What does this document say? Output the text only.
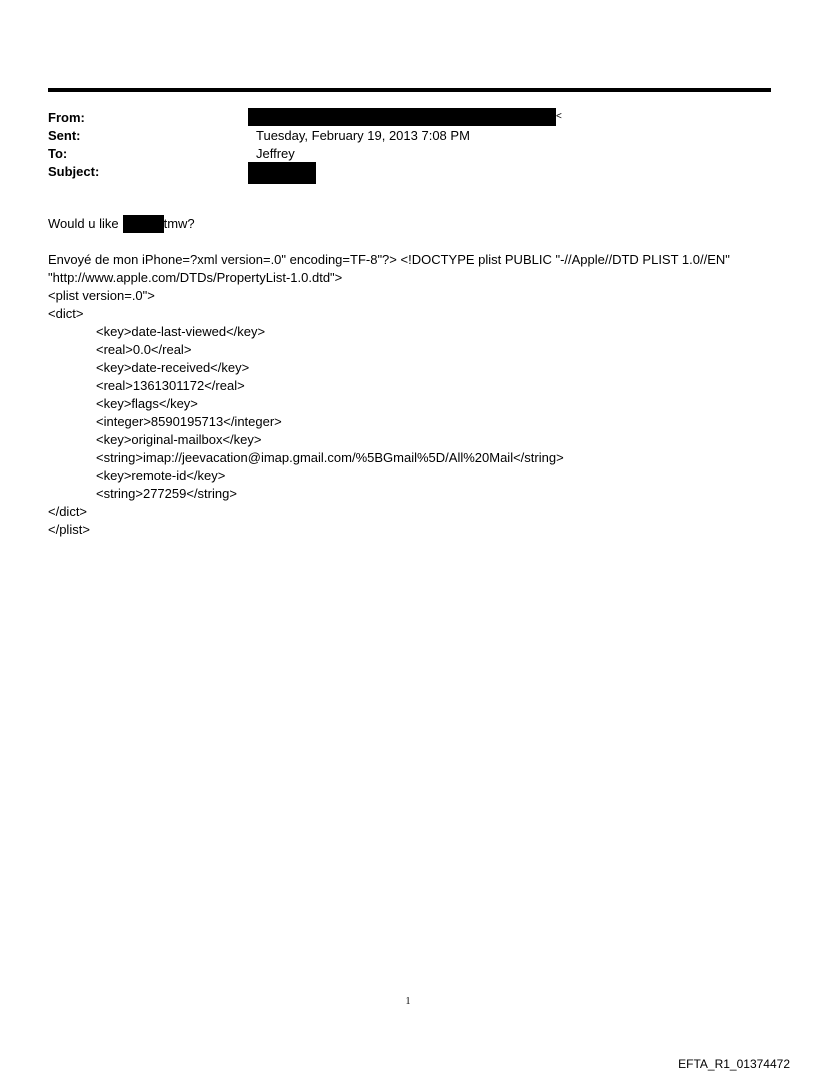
From:	<
Sent:	Tuesday, February 19, 2013 7:08 PM
To:	Jeffrey
Subject:
Would u like	tmw?
Envoyé de mon iPhone=?xml version=.0" encoding=TF-8"?> <!DOCTYPE plist PUBLIC "-//Apple//DTD PLIST 1.0//EN"
"http://www.apple.com/DTDs/PropertyList-1.0.dtd">
<plist version=.0">
<dict>
<key>date-last-viewed</key>
<real>0.0</real>
<key>date-received</key>
<real>1361301172</real>
<key>flags</key>
<integer>8590195713</integer>
<key>original-mailbox</key>
<string>imap://jeevacation@imap.gmail.com/%5BGmail%5D/All%20Mail</string>
<key>remote-id</key>
<string>277259</string>
</dict>
</plist>
1
EFTA_R1_01374472
